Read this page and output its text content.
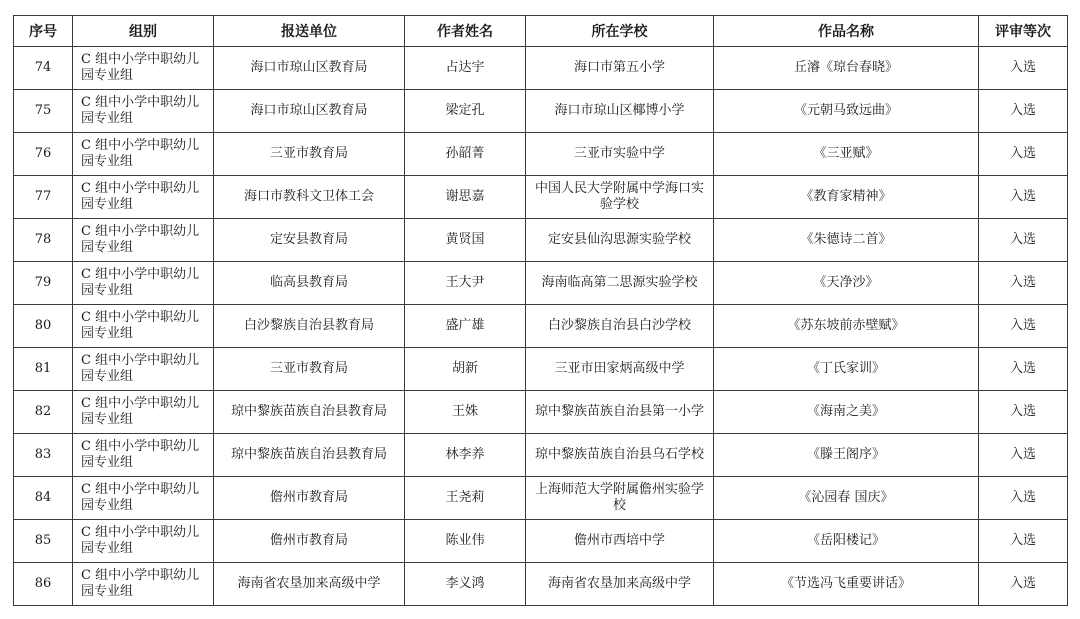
序号	组别	报送单位	作者姓名	所在学校	作品名称	评审等次
74	C 组中小学中职幼儿园专业组	海口市琼山区教育局	占达宇	海口市第五小学	丘濬《琼台春晓》	入选
75	C 组中小学中职幼儿园专业组	海口市琼山区教育局	梁定孔	海口市琼山区椰博小学	《元朝马致远曲》	入选
76	C 组中小学中职幼儿园专业组	三亚市教育局	孙韶菁	三亚市实验中学	《三亚赋》	入选
77	C 组中小学中职幼儿园专业组	海口市教科文卫体工会	谢思嘉	中国人民大学附属中学海口实验学校	《教育家精神》	入选
78	C 组中小学中职幼儿园专业组	定安县教育局	黄贤国	定安县仙沟思源实验学校	《朱德诗二首》	入选
79	C 组中小学中职幼儿园专业组	临高县教育局	王大尹	海南临高第二思源实验学校	《天净沙》	入选
80	C 组中小学中职幼儿园专业组	白沙黎族自治县教育局	盛广雄	白沙黎族自治县白沙学校	《苏东坡前赤壁赋》	入选
81	C 组中小学中职幼儿园专业组	三亚市教育局	胡新	三亚市田家炳高级中学	《丁氏家训》	入选
82	C 组中小学中职幼儿园专业组	琼中黎族苗族自治县教育局	王姝	琼中黎族苗族自治县第一小学	《海南之美》	入选
83	C 组中小学中职幼儿园专业组	琼中黎族苗族自治县教育局	林李养	琼中黎族苗族自治县乌石学校	《滕王阁序》	入选
84	C 组中小学中职幼儿园专业组	儋州市教育局	王尧莉	上海师范大学附属儋州实验学校	《沁园春 国庆》	入选
85	C 组中小学中职幼儿园专业组	儋州市教育局	陈业伟	儋州市西培中学	《岳阳楼记》	入选
86	C 组中小学中职幼儿园专业组	海南省农垦加来高级中学	李义鸿	海南省农垦加来高级中学	《节选冯飞重要讲话》	入选
